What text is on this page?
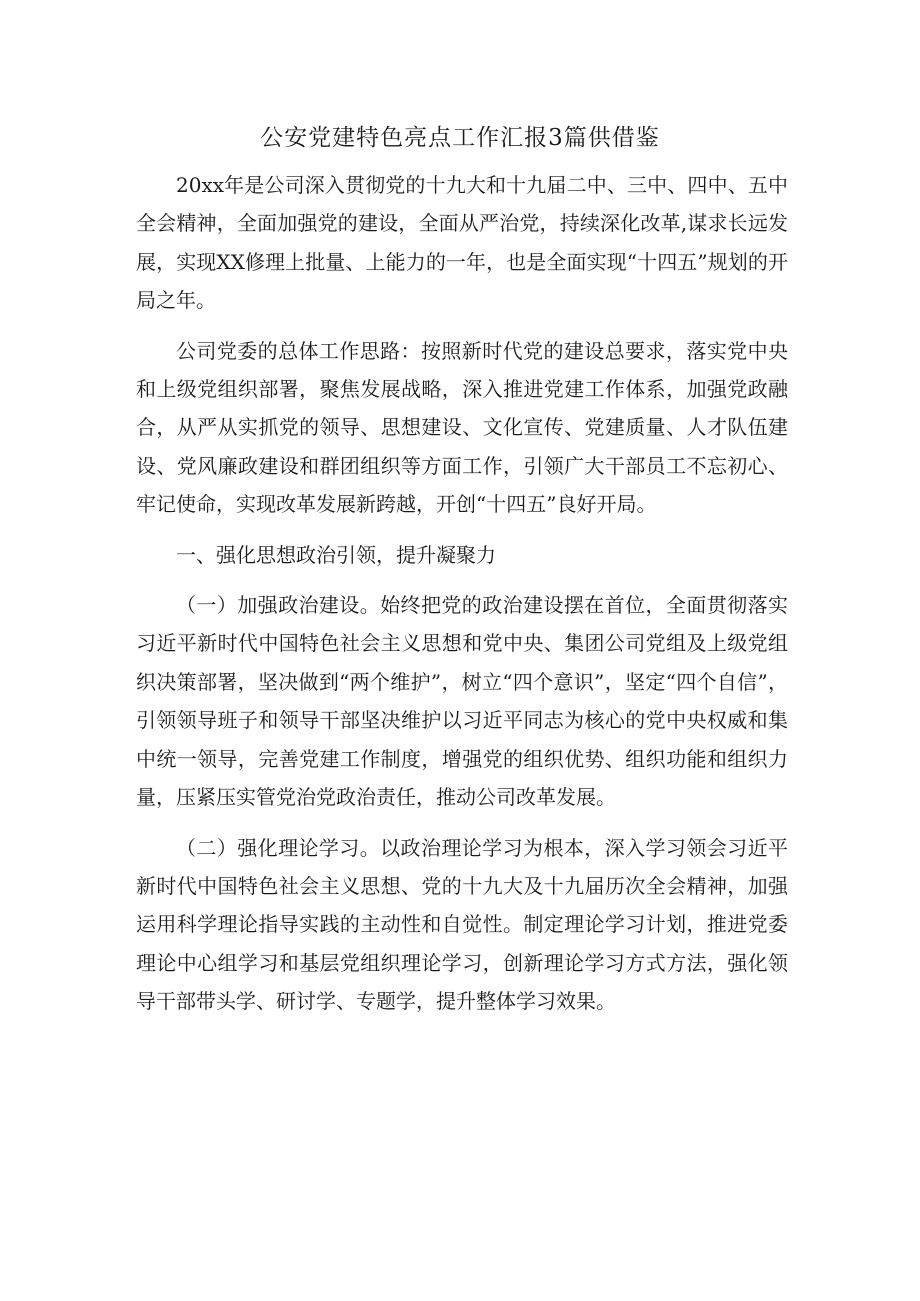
公安党建特色亮点工作汇报3篇供借鉴

20xx年是公司深入贯彻党的十九大和十九届二中、三中、四中、五中全会精神，全面加强党的建设，全面从严治党，持续深化改革,谋求长远发展，实现XX修理上批量、上能力的一年，也是全面实现“十四五”规划的开局之年。

公司党委的总体工作思路：按照新时代党的建设总要求，落实党中央和上级党组织部署，聚焦发展战略，深入推进党建工作体系，加强党政融合，从严从实抓党的领导、思想建设、文化宣传、党建质量、人才队伍建设、党风廉政建设和群团组织等方面工作，引领广大干部员工不忘初心、牢记使命，实现改革发展新跨越，开创“十四五”良好开局。

一、强化思想政治引领，提升凝聚力

（一）加强政治建设。始终把党的政治建设摆在首位，全面贯彻落实习近平新时代中国特色社会主义思想和党中央、集团公司党组及上级党组织决策部署，坚决做到“两个维护”，树立“四个意识”，坚定“四个自信”，引领领导班子和领导干部坚决维护以习近平同志为核心的党中央权威和集中统一领导，完善党建工作制度，增强党的组织优势、组织功能和组织力量，压紧压实管党治党政治责任，推动公司改革发展。

（二）强化理论学习。以政治理论学习为根本，深入学习领会习近平新时代中国特色社会主义思想、党的十九大及十九届历次全会精神，加强运用科学理论指导实践的主动性和自觉性。制定理论学习计划，推进党委理论中心组学习和基层党组织理论学习，创新理论学习方式方法，强化领导干部带头学、研讨学、专题学，提升整体学习效果。
